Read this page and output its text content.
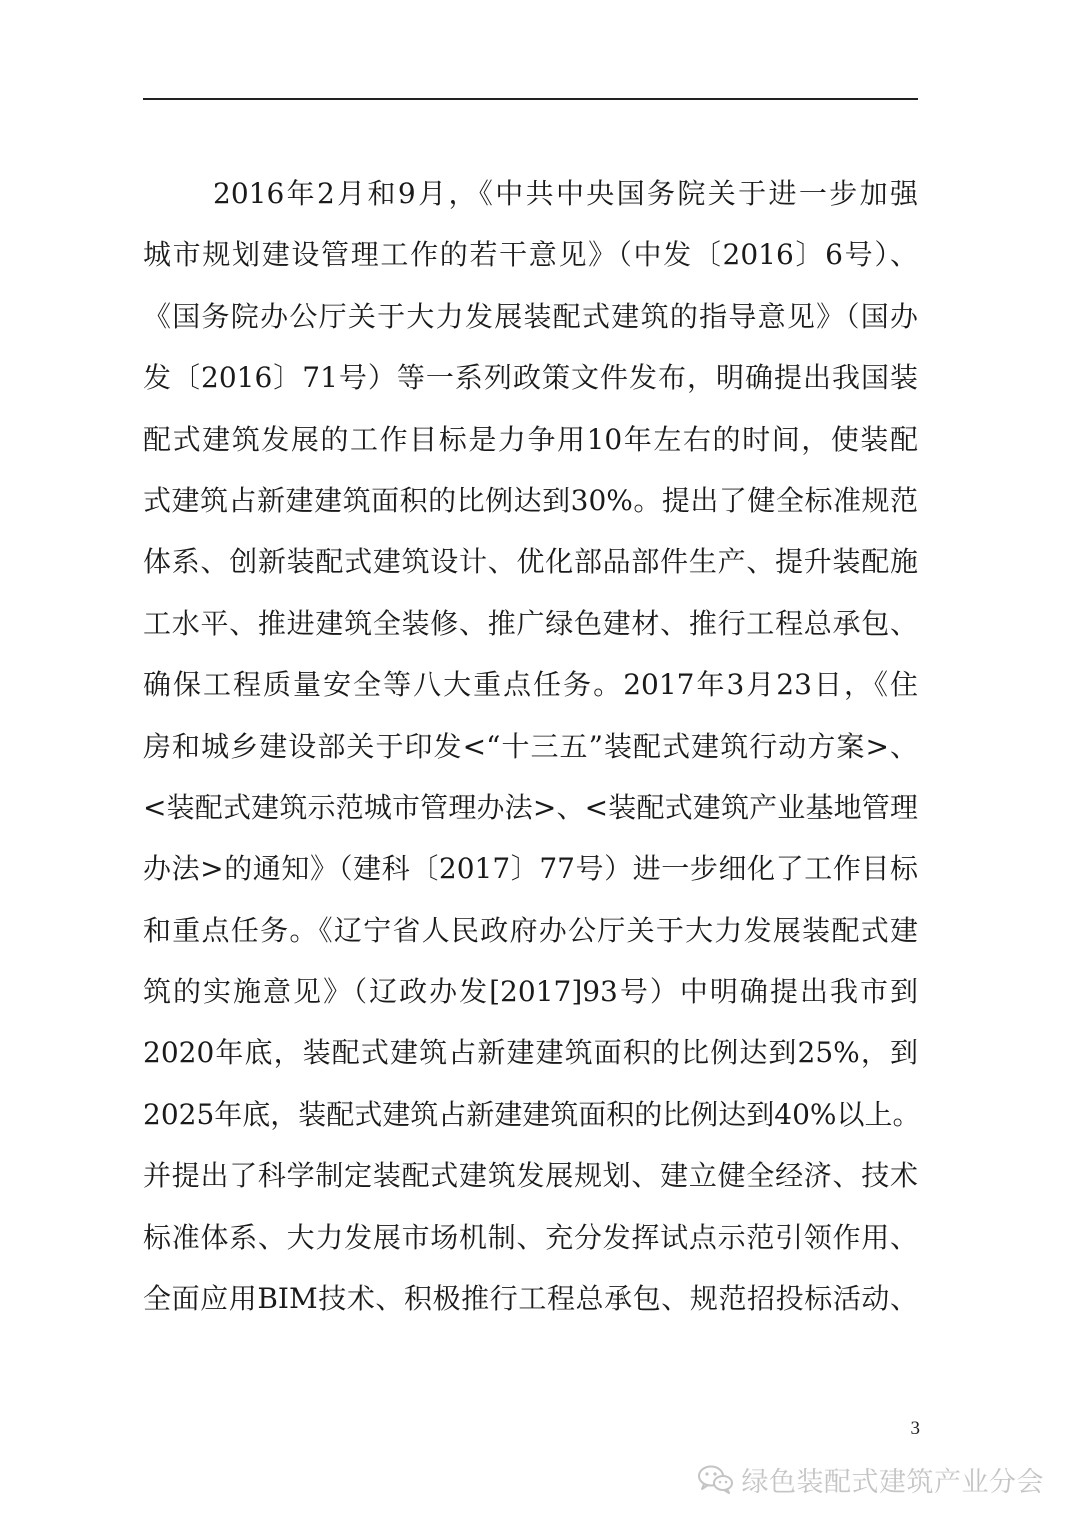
2016年2月和9月，《中共中央国务院关于进一步加强
城市规划建设管理工作的若干意见》（中发〔2016〕6号）、
《国务院办公厅关于大力发展装配式建筑的指导意见》（国办
发〔2016〕71号）等一系列政策文件发布，明确提出我国装
配式建筑发展的工作目标是力争用10年左右的时间，使装配
式建筑占新建建筑面积的比例达到30%。提出了健全标准规范
体系、创新装配式建筑设计、优化部品部件生产、提升装配施
工水平、推进建筑全装修、推广绿色建材、推行工程总承包、
确保工程质量安全等八大重点任务。2017年3月23日，《住
房和城乡建设部关于印发<“十三五”装配式建筑行动方案>、
<装配式建筑示范城市管理办法>、<装配式建筑产业基地管理
办法>的通知》（建科〔2017〕77号）进一步细化了工作目标
和重点任务。《辽宁省人民政府办公厅关于大力发展装配式建
筑的实施意见》（辽政办发[2017]93号）中明确提出我市到
2020年底，装配式建筑占新建建筑面积的比例达到25%，到
2025年底，装配式建筑占新建建筑面积的比例达到40%以上。
并提出了科学制定装配式建筑发展规划、建立健全经济、技术
标准体系、大力发展市场机制、充分发挥试点示范引领作用、
全面应用BIM技术、积极推行工程总承包、规范招投标活动、
3
绿色装配式建筑产业分会
